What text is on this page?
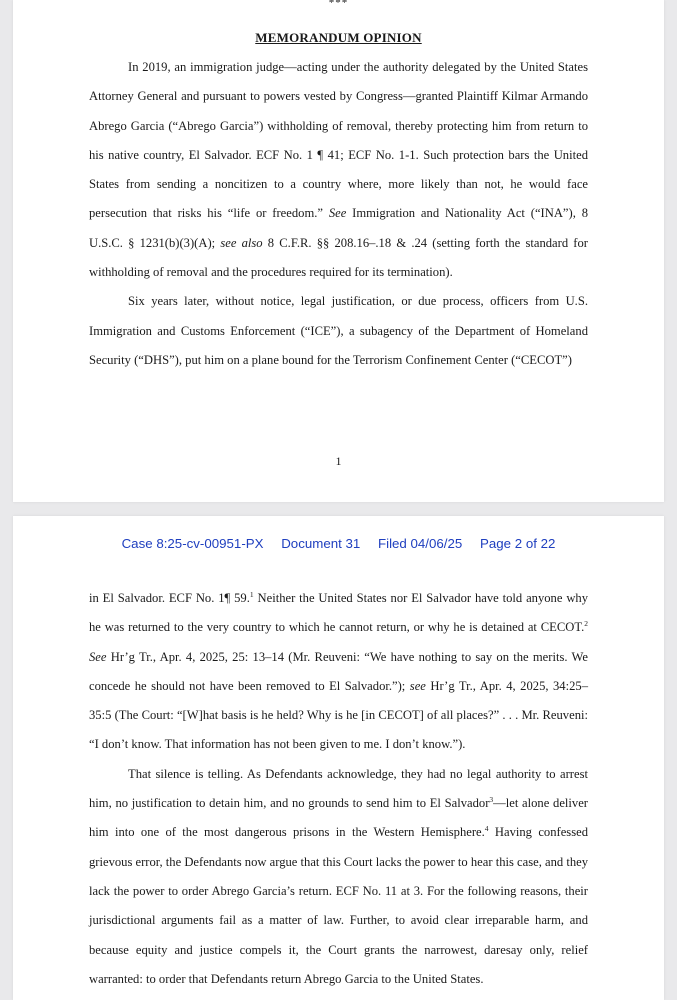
***
MEMORANDUM OPINION

In 2019, an immigration judge—acting under the authority delegated by the United States Attorney General and pursuant to powers vested by Congress—granted Plaintiff Kilmar Armando Abrego Garcia (“Abrego Garcia”) withholding of removal, thereby protecting him from return to his native country, El Salvador. ECF No. 1 ¶ 41; ECF No. 1-1. Such protection bars the United States from sending a noncitizen to a country where, more likely than not, he would face persecution that risks his “life or freedom.” See Immigration and Nationality Act (“INA”), 8 U.S.C. § 1231(b)(3)(A); see also 8 C.F.R. §§ 208.16–.18 & .24 (setting forth the standard for withholding of removal and the procedures required for its termination).

Six years later, without notice, legal justification, or due process, officers from U.S. Immigration and Customs Enforcement (“ICE”), a subagency of the Department of Homeland Security (“DHS”), put him on a plane bound for the Terrorism Confinement Center (“CECOT”)

1
Case 8:25-cv-00951-PX Document 31 Filed 04/06/25 Page 2 of 22

in El Salvador. ECF No. 1¶ 59.$^1$ Neither the United States nor El Salvador have told anyone why he was returned to the very country to which he cannot return, or why he is detained at CECOT.$^2$ See Hr’g Tr., Apr. 4, 2025, 25: 13–14 (Mr. Reuveni: “We have nothing to say on the merits. We concede he should not have been removed to El Salvador.”); see Hr’g Tr., Apr. 4, 2025, 34:25–35:5 (The Court: “[W]hat basis is he held? Why is he [in CECOT] of all places?” . . . Mr. Reuveni: “I don’t know. That information has not been given to me. I don’t know.”).

That silence is telling. As Defendants acknowledge, they had no legal authority to arrest him, no justification to detain him, and no grounds to send him to El Salvador$^3$—let alone deliver him into one of the most dangerous prisons in the Western Hemisphere.$^4$ Having confessed grievous error, the Defendants now argue that this Court lacks the power to hear this case, and they lack the power to order Abrego Garcia’s return. ECF No. 11 at 3. For the following reasons, their jurisdictional arguments fail as a matter of law. Further, to avoid clear irreparable harm, and because equity and justice compels it, the Court grants the narrowest, daresay only, relief warranted: to order that Defendants return Abrego Garcia to the United States.
